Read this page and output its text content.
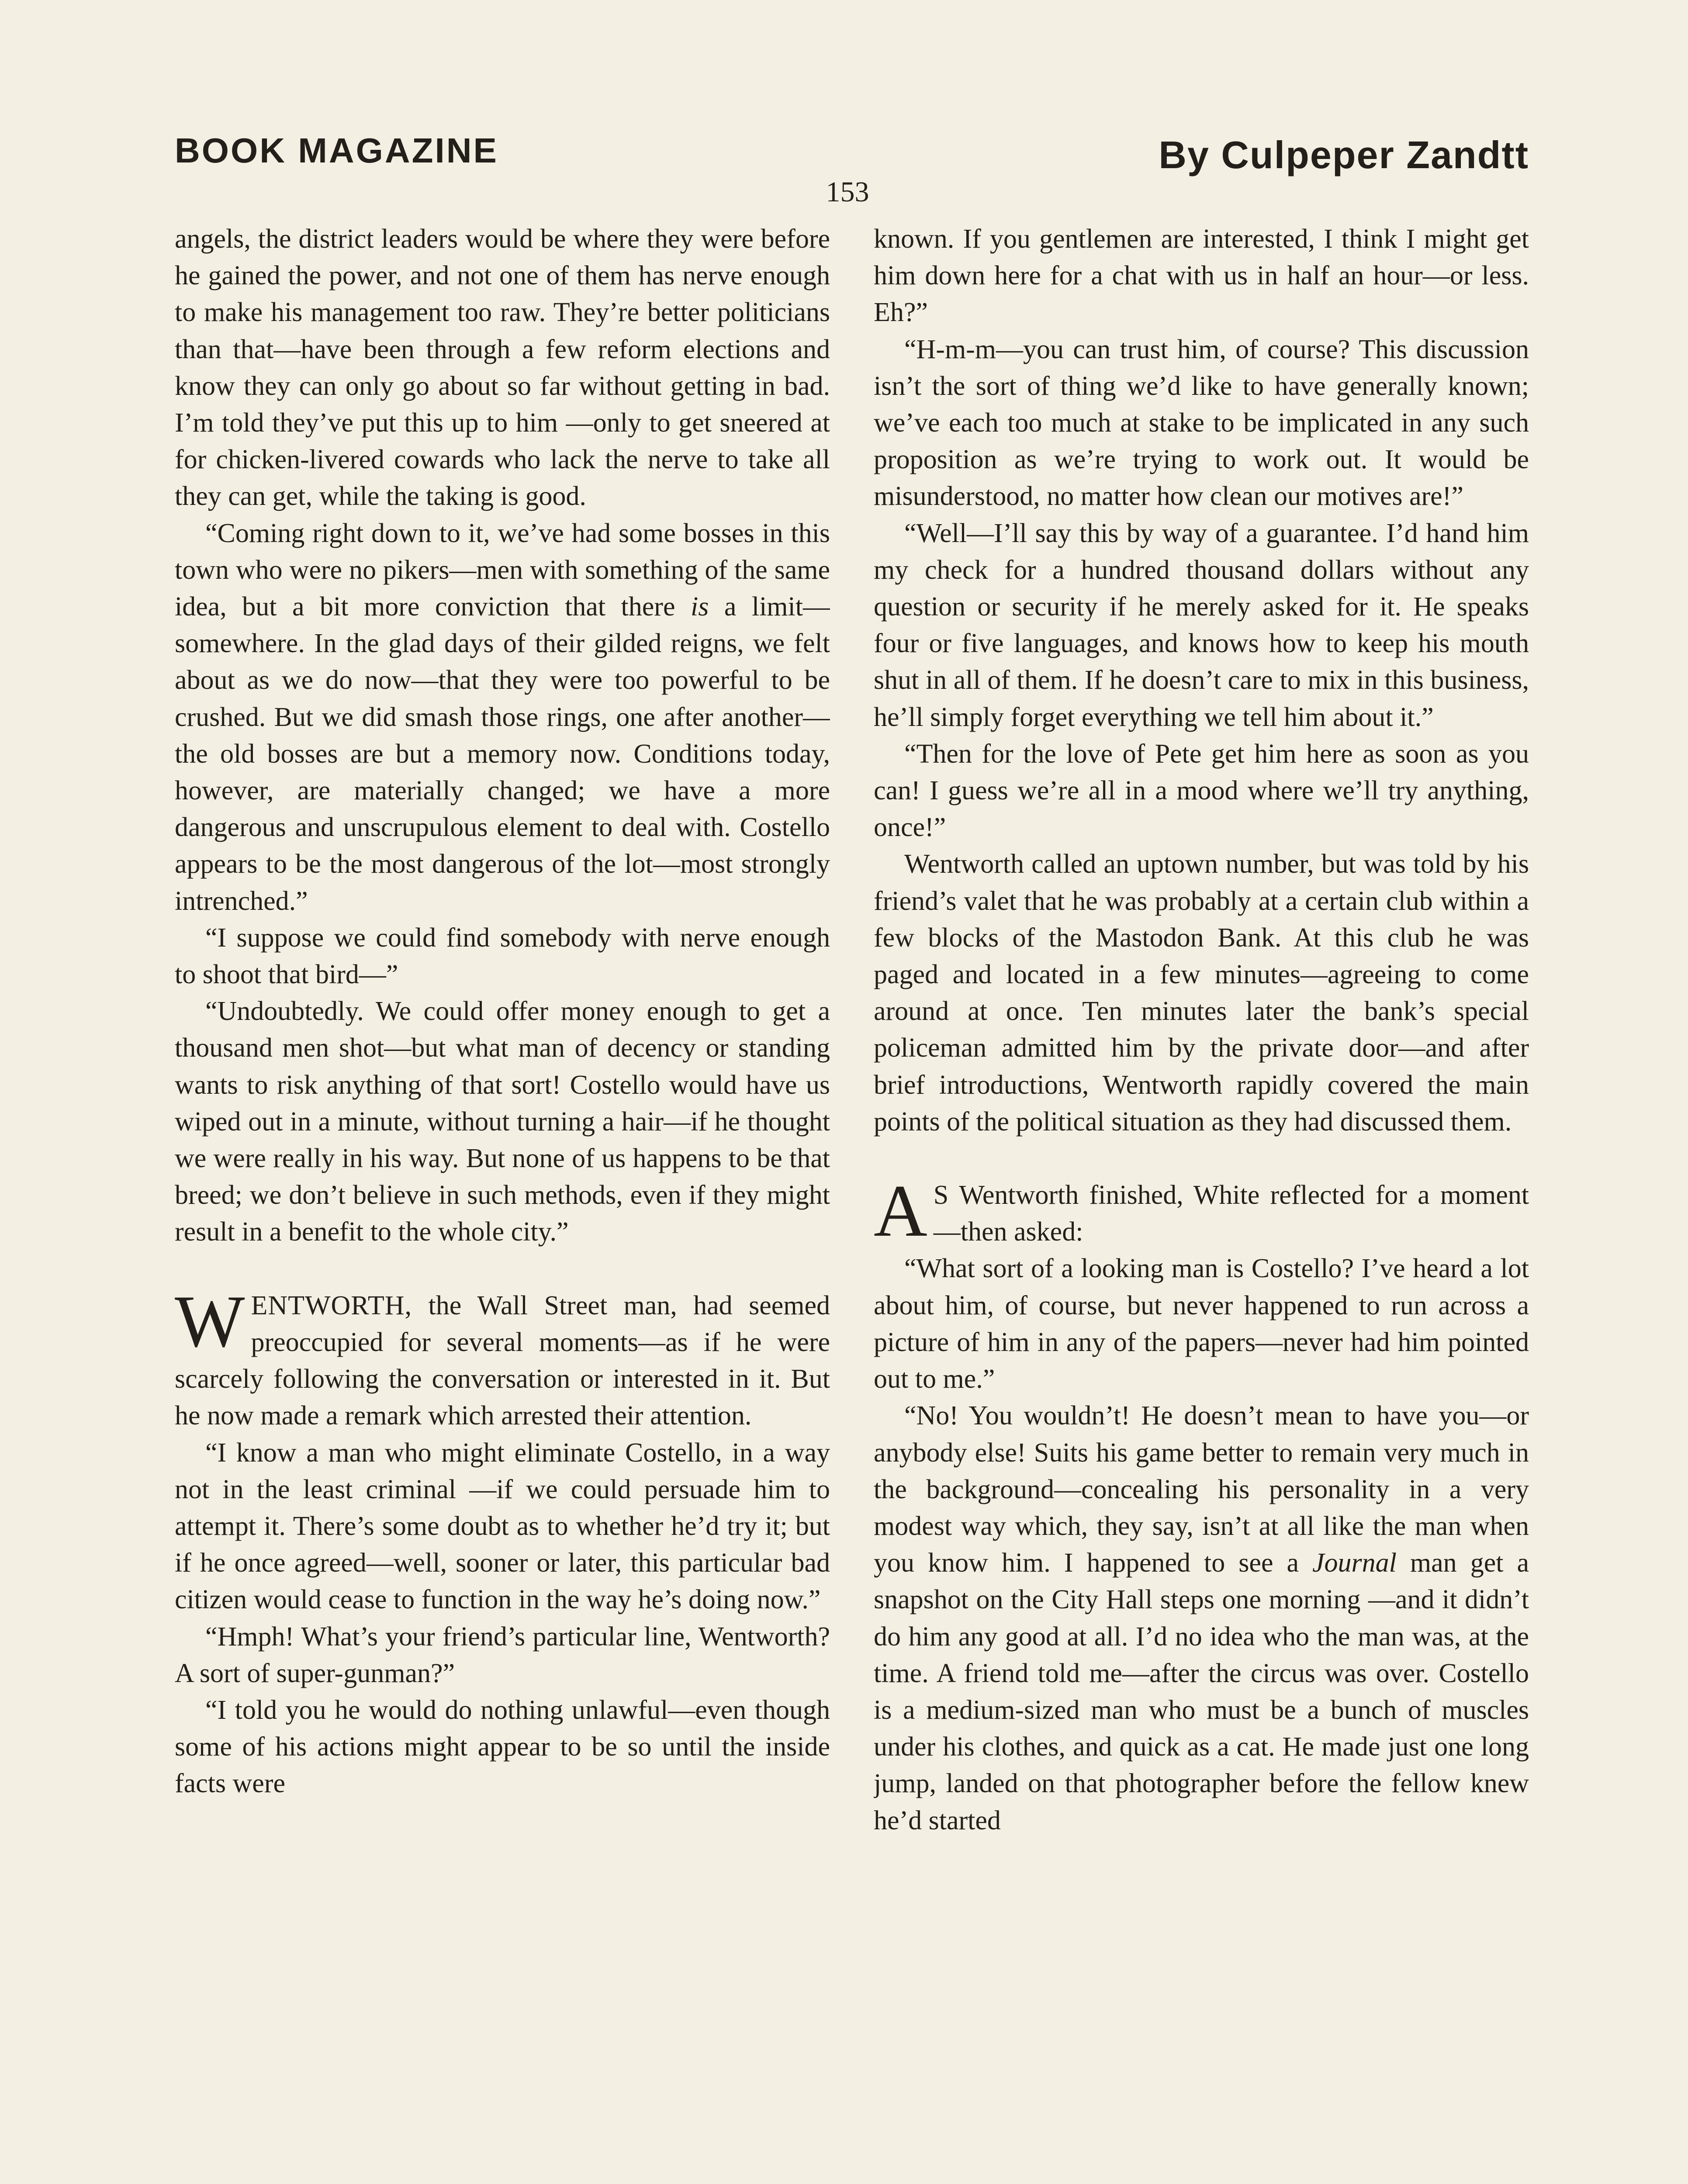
BOOK MAGAZINE	By Culpeper Zandtt
153

angels, the district leaders would be where they were before he gained the power, and not one of them has nerve enough to make his management too raw. They’re better politicians than that—have been through a few reform elections and know they can only go about so far without getting in bad. I’m told they’ve put this up to him —only to get sneered at for chicken-livered cowards who lack the nerve to take all they can get, while the taking is good.

“Coming right down to it, we’ve had some bosses in this town who were no pikers—men with something of the same idea, but a bit more conviction that there is a limit—somewhere. In the glad days of their gilded reigns, we felt about as we do now—that they were too powerful to be crushed. But we did smash those rings, one after another—the old bosses are but a memory now. Conditions today, however, are materially changed; we have a more dangerous and unscrupulous element to deal with. Costello appears to be the most dangerous of the lot—most strongly intrenched.”

“I suppose we could find somebody with nerve enough to shoot that bird—”

“Undoubtedly. We could offer money enough to get a thousand men shot—but what man of decency or standing wants to risk anything of that sort! Costello would have us wiped out in a minute, without turning a hair—if he thought we were really in his way. But none of us happens to be that breed; we don’t believe in such methods, even if they might result in a benefit to the whole city.”

WENTWORTH, the Wall Street man, had seemed preoccupied for several moments—as if he were scarcely following the conversation or interested in it. But he now made a remark which arrested their attention.

“I know a man who might eliminate Costello, in a way not in the least criminal —if we could persuade him to attempt it. There’s some doubt as to whether he’d try it; but if he once agreed—well, sooner or later, this particular bad citizen would cease to function in the way he’s doing now.”

“Hmph! What’s your friend’s particular line, Wentworth? A sort of super-gunman?”

“I told you he would do nothing unlawful—even though some of his actions might appear to be so until the inside facts were

known. If you gentlemen are interested, I think I might get him down here for a chat with us in half an hour—or less. Eh?”

“H-m-m—you can trust him, of course? This discussion isn’t the sort of thing we’d like to have generally known; we’ve each too much at stake to be implicated in any such proposition as we’re trying to work out. It would be misunderstood, no matter how clean our motives are!”

“Well—I’ll say this by way of a guarantee. I’d hand him my check for a hundred thousand dollars without any question or security if he merely asked for it. He speaks four or five languages, and knows how to keep his mouth shut in all of them. If he doesn’t care to mix in this business, he’ll simply forget everything we tell him about it.”

“Then for the love of Pete get him here as soon as you can! I guess we’re all in a mood where we’ll try anything, once!”

Wentworth called an uptown number, but was told by his friend’s valet that he was probably at a certain club within a few blocks of the Mastodon Bank. At this club he was paged and located in a few minutes—agreeing to come around at once. Ten minutes later the bank’s special policeman admitted him by the private door—and after brief introductions, Wentworth rapidly covered the main points of the political situation as they had discussed them.

A S Wentworth finished, White reflected for a moment—then asked:

“What sort of a looking man is Costello? I’ve heard a lot about him, of course, but never happened to run across a picture of him in any of the papers—never had him pointed out to me.”

“No! You wouldn’t! He doesn’t mean to have you—or anybody else! Suits his game better to remain very much in the background—concealing his personality in a very modest way which, they say, isn’t at all like the man when you know him. I happened to see a Journal man get a snapshot on the City Hall steps one morning —and it didn’t do him any good at all. I’d no idea who the man was, at the time. A friend told me—after the circus was over. Costello is a medium-sized man who must be a bunch of muscles under his clothes, and quick as a cat. He made just one long jump, landed on that photographer before the fellow knew he’d started
